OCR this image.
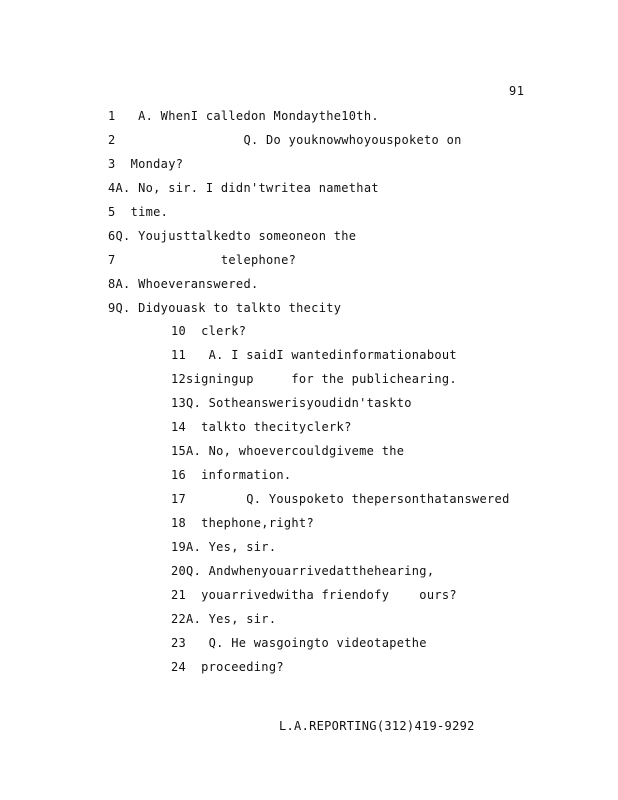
91
1   A. WhenI calledon Mondaythe10th.
2                 Q. Do youknowwhoyouspoketo on
3  Monday?
4A. No, sir. I didn'twritea namethat
5  time.
6Q. Youjusttalkedto someoneon the
7              telephone?
8A. Whoeveranswered.
9Q. Didyouask to talkto thecity
10  clerk?
11   A. I saidI wantedinformationabout
12signingup     for the publichearing.
13Q. Sotheanswerisyoudidn'taskto
14  talkto thecityclerk?
15A. No, whoevercouldgiveme the
16  information.
17        Q. Youspoketo thepersonthatanswered
18  thephone,right?
19A. Yes, sir.
20Q. Andwhenyouarrivedatthehearing,
21  youarrivedwitha friendofy    ours?
22A. Yes, sir.
23   Q. He wasgoingto videotapethe
24  proceeding?
L.A.REPORTING(312)419-9292
